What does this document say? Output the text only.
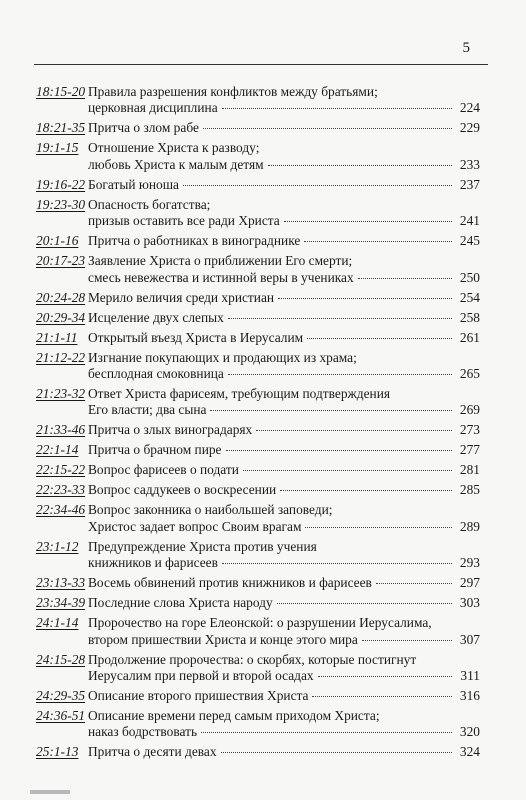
5
18:15-20 Правила разрешения конфликтов между братьями;
церковная дисциплина	224
18:21-35 Притча о злом рабе	229
19:1-15 Отношение Христа к разводу;
любовь Христа к малым детям	233
19:16-22 Богатый юноша	237
19:23-30 Опасность богатства;
призыв оставить все ради Христа	241
20:1-16 Притча о работниках в винограднике	245
20:17-23 Заявление Христа о приближении Его смерти;
смесь невежества и истинной веры в учениках	250
20:24-28 Мерило величия среди христиан	254
20:29-34 Исцеление двух слепых	258
21:1-11 Открытый въезд Христа в Иерусалим	261
21:12-22 Изгнание покупающих и продающих из храма;
бесплодная смоковница	265
21:23-32 Ответ Христа фарисеям, требующим подтверждения
Его власти; два сына	269
21:33-46 Притча о злых виноградарях	273
22:1-14 Притча о брачном пире	277
22:15-22 Вопрос фарисеев о подати	281
22:23-33 Вопрос саддукеев о воскресении	285
22:34-46 Вопрос законника о наибольшей заповеди;
Христос задает вопрос Своим врагам	289
23:1-12 Предупреждение Христа против учения
книжников и фарисеев	293
23:13-33 Восемь обвинений против книжников и фарисеев	297
23:34-39 Последние слова Христа народу	303
24:1-14 Пророчество на горе Елеонской: о разрушении Иерусалима,
втором пришествии Христа и конце этого мира	307
24:15-28 Продолжение пророчества: о скорбях, которые постигнут
Иерусалим при первой и второй осадах	311
24:29-35 Описание второго пришествия Христа	316
24:36-51 Описание времени перед самым приходом Христа;
наказ бодрствовать	320
25:1-13 Притча о десяти девах	324
